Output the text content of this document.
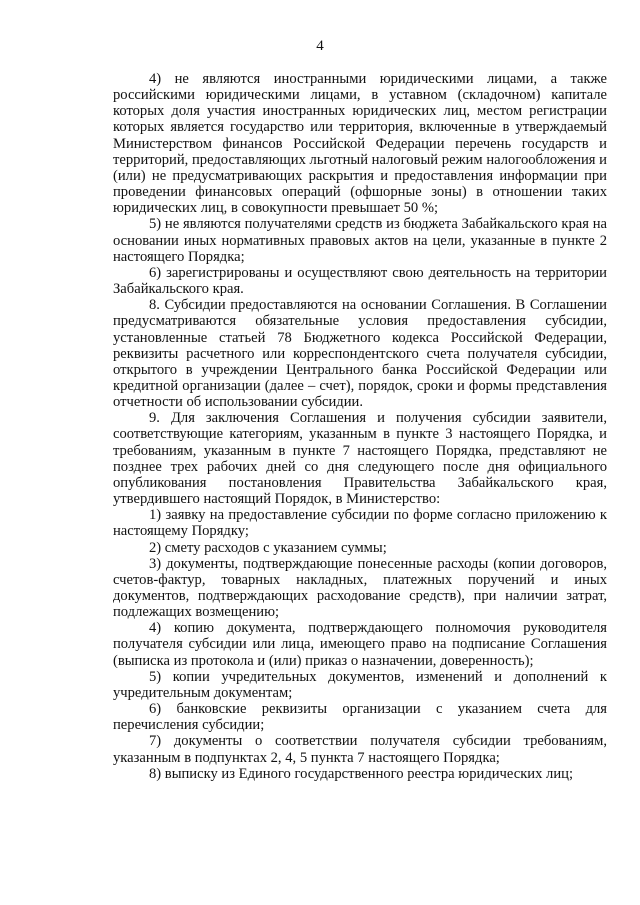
4

4) не являются иностранными юридическими лицами, а также российскими юридическими лицами, в уставном (складочном) капитале которых доля участия иностранных юридических лиц, местом регистрации которых является государство или территория, включенные в утверждаемый Министерством финансов Российской Федерации перечень государств и территорий, предоставляющих льготный налоговый режим налогообложения и (или) не предусматривающих раскрытия и предоставления информации при проведении финансовых операций (офшорные зоны) в отношении таких юридических лиц, в совокупности превышает 50 %;

5) не являются получателями средств из бюджета Забайкальского края на основании иных нормативных правовых актов на цели, указанные в пункте 2 настоящего Порядка;

6) зарегистрированы и осуществляют свою деятельность на территории Забайкальского края.

8. Субсидии предоставляются на основании Соглашения. В Соглашении предусматриваются обязательные условия предоставления субсидии, установленные статьей 78 Бюджетного кодекса Российской Федерации, реквизиты расчетного или корреспондентского счета получателя субсидии, открытого в учреждении Центрального банка Российской Федерации или кредитной организации (далее – счет), порядок, сроки и формы представления отчетности об использовании субсидии.

9. Для заключения Соглашения и получения субсидии заявители, соответствующие категориям, указанным в пункте 3 настоящего Порядка, и требованиям, указанным в пункте 7 настоящего Порядка, представляют не позднее трех рабочих дней со дня следующего после дня официального опубликования постановления Правительства Забайкальского края, утвердившего настоящий Порядок, в Министерство:

1) заявку на предоставление субсидии по форме согласно приложению к настоящему Порядку;

2) смету расходов с указанием суммы;

3) документы, подтверждающие понесенные расходы (копии договоров, счетов-фактур, товарных накладных, платежных поручений и иных документов, подтверждающих расходование средств), при наличии затрат, подлежащих возмещению;

4) копию документа, подтверждающего полномочия руководителя получателя субсидии или лица, имеющего право на подписание Соглашения (выписка из протокола и (или) приказ о назначении, доверенность);

5) копии учредительных документов, изменений и дополнений к учредительным документам;

6) банковские реквизиты организации с указанием счета для перечисления субсидии;

7) документы о соответствии получателя субсидии требованиям, указанным в подпунктах 2, 4, 5 пункта 7 настоящего Порядка;

8) выписку из Единого государственного реестра юридических лиц;
